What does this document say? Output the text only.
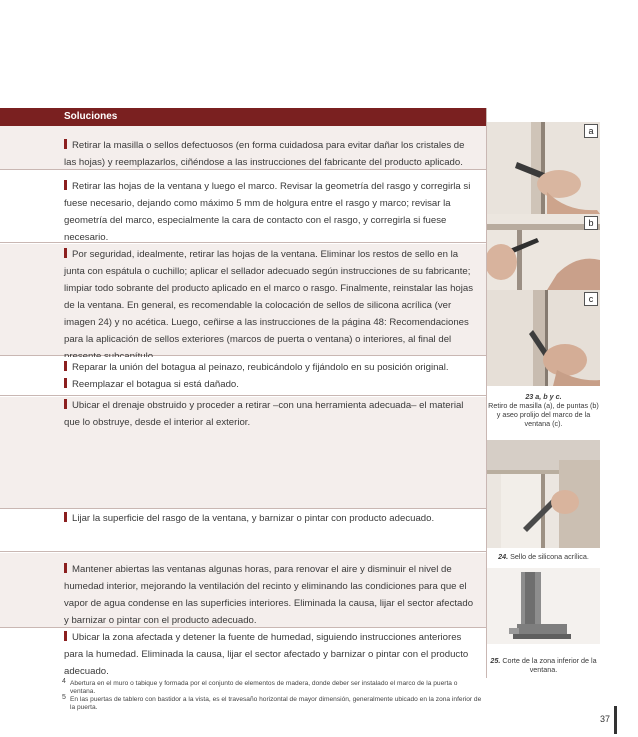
Soluciones
Retirar la masilla o sellos defectuosos (en forma cuidadosa para evitar dañar los cristales de las hojas) y reemplazarlos, ciñéndose a las instrucciones del fabricante del producto aplicado.
Retirar las hojas de la ventana y luego el marco. Revisar la geometría del rasgo y corregirla si fuese necesario, dejando como máximo 5 mm de holgura entre el rasgo y marco; revisar la geometría del marco, especialmente la cara de contacto con el rasgo, y corregirla si fuese necesario.
Por seguridad, idealmente, retirar las hojas de la ventana. Eliminar los restos de sello en la junta con espátula o cuchillo; aplicar el sellador adecuado según instrucciones de su fabricante; limpiar todo sobrante del producto aplicado en el marco o rasgo. Finalmente, reinstalar las hojas de la ventana. En general, es recomendable la colocación de sellos de silicona acrílica (ver imagen 24) y no acética. Luego, ceñirse a las instrucciones de la página 48: Recomendaciones para la aplicación de sellos exteriores (marcos de puerta o ventana) o interiores, al final del
Reparar la unión del botagua al peinazo, reubicándolo y fijándolo en su posición original.
Reemplazar el botagua si está dañado.
Ubicar el drenaje obstruido y proceder a retirar –con una herramienta adecuada– el material que lo obstruye, desde el interior al exterior.
Lijar la superficie del rasgo de la ventana, y barnizar o pintar con producto adecuado.
Mantener abiertas las ventanas algunas horas, para renovar el aire y disminuir el nivel de humedad interior, mejorando la ventilación del recinto y eliminando las condiciones para que el vapor de agua condense en las superficies interiores. Eliminada la causa, lijar el sector afectado y barnizar o pintar con el producto adecuado.
Ubicar la zona afectada y detener la fuente de humedad, siguiendo instrucciones anteriores para la humedad. Eliminada la causa, lijar el sector afectado y barnizar o pintar con el producto adecuado.
a
b
c
23 a, b y c.
Retiro de masilla (a), de puntas (b) y aseo prolijo del marco de la ventana (c).
24. Sello de silicona acrílica.
25. Corte de la zona inferior de la ventana.
4 Abertura en el muro o tabique y formada por el conjunto de elementos de madera, donde deber ser instalado el marco de la puerta o ventana.
5 En las puertas de tablero con bastidor a la vista, es el travesaño horizontal de mayor dimensión, generalmente ubicado en la zona inferior de la puerta.
37
